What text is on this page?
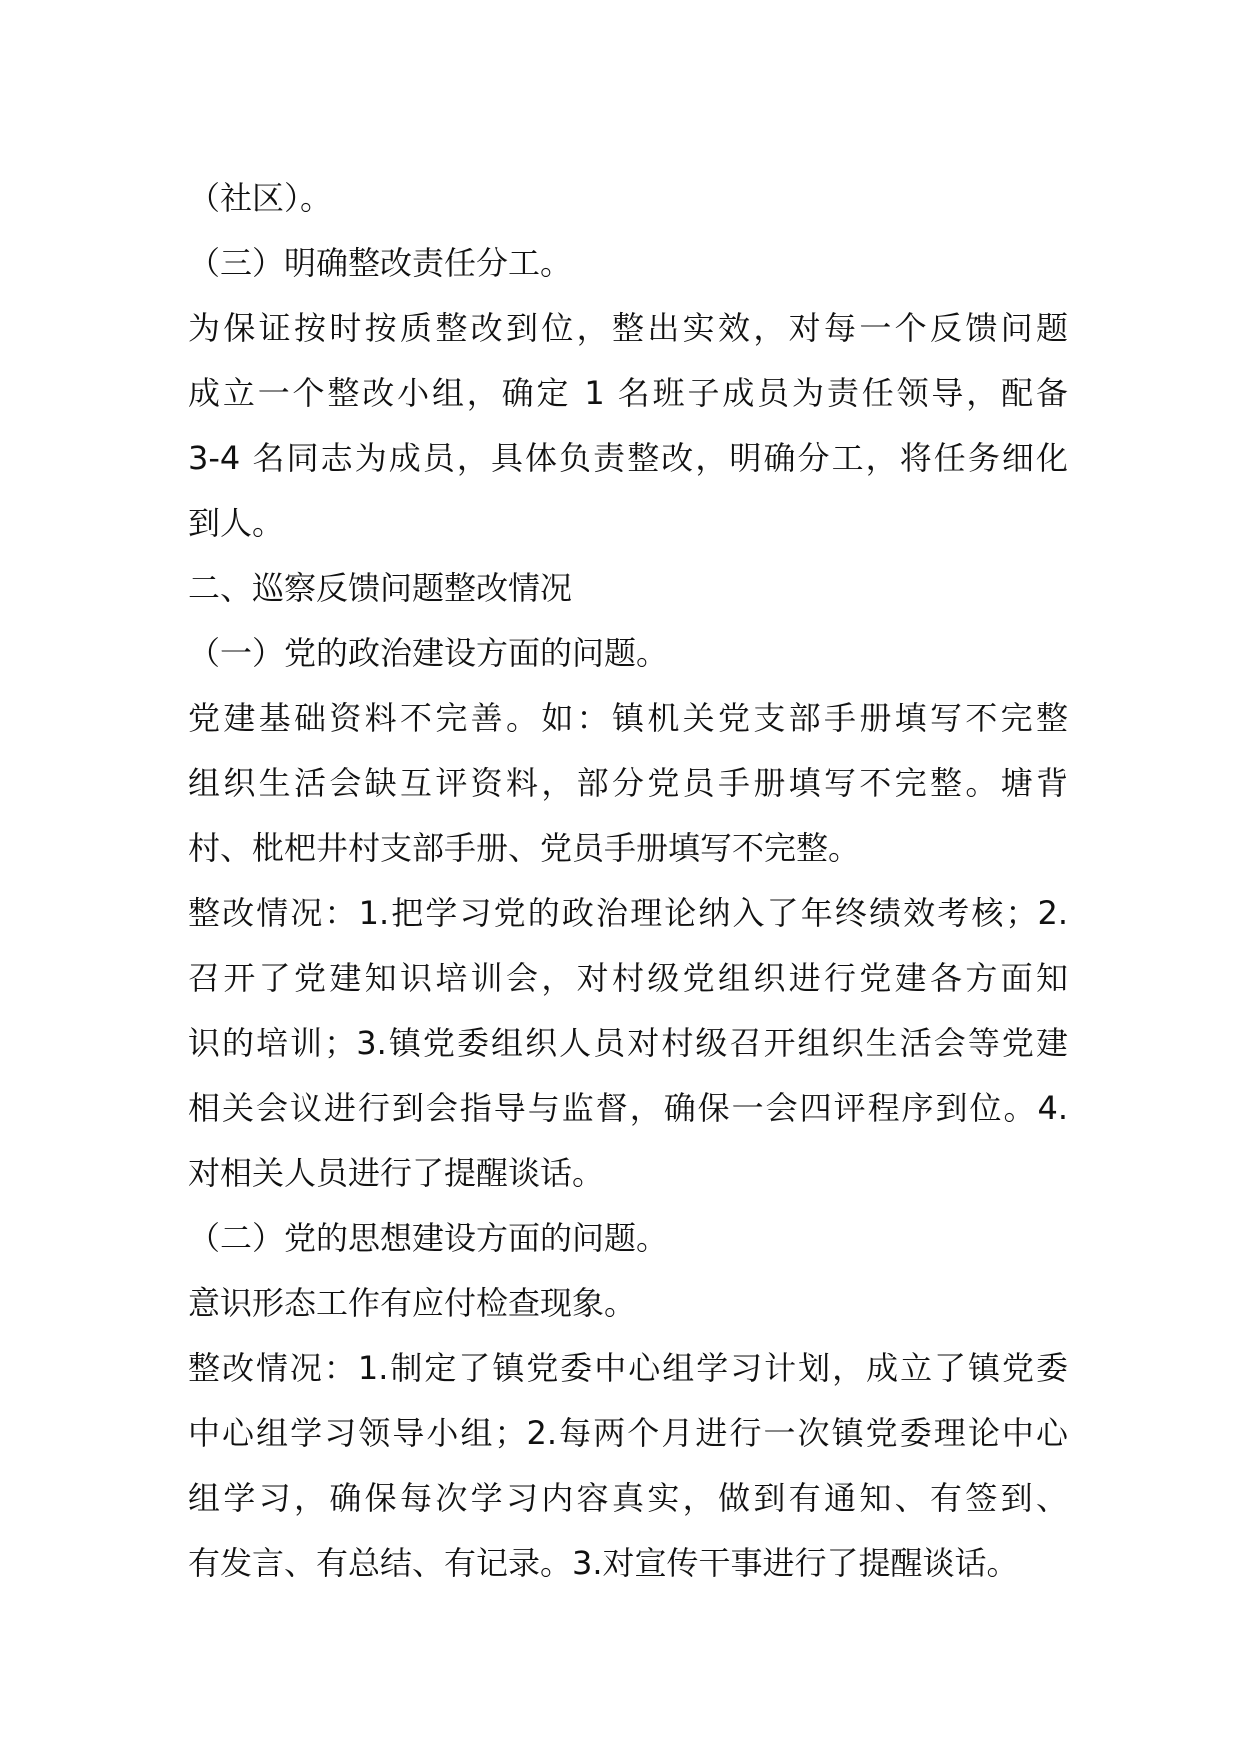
（社区）。
（三）明确整改责任分工。
为保证按时按质整改到位，整出实效，对每一个反馈问题
成立一个整改小组，确定 1 名班子成员为责任领导，配备
3-4 名同志为成员，具体负责整改，明确分工，将任务细化
到人。
二、巡察反馈问题整改情况
（一）党的政治建设方面的问题。
党建基础资料不完善。如：镇机关党支部手册填写不完整
组织生活会缺互评资料，部分党员手册填写不完整。塘背
村、枇杷井村支部手册、党员手册填写不完整。
整改情况：1.把学习党的政治理论纳入了年终绩效考核；2.
召开了党建知识培训会，对村级党组织进行党建各方面知
识的培训；3.镇党委组织人员对村级召开组织生活会等党建
相关会议进行到会指导与监督，确保一会四评程序到位。4.
对相关人员进行了提醒谈话。
（二）党的思想建设方面的问题。
意识形态工作有应付检查现象。
整改情况：1.制定了镇党委中心组学习计划，成立了镇党委
中心组学习领导小组；2.每两个月进行一次镇党委理论中心
组学习，确保每次学习内容真实，做到有通知、有签到、
有发言、有总结、有记录。3.对宣传干事进行了提醒谈话。
